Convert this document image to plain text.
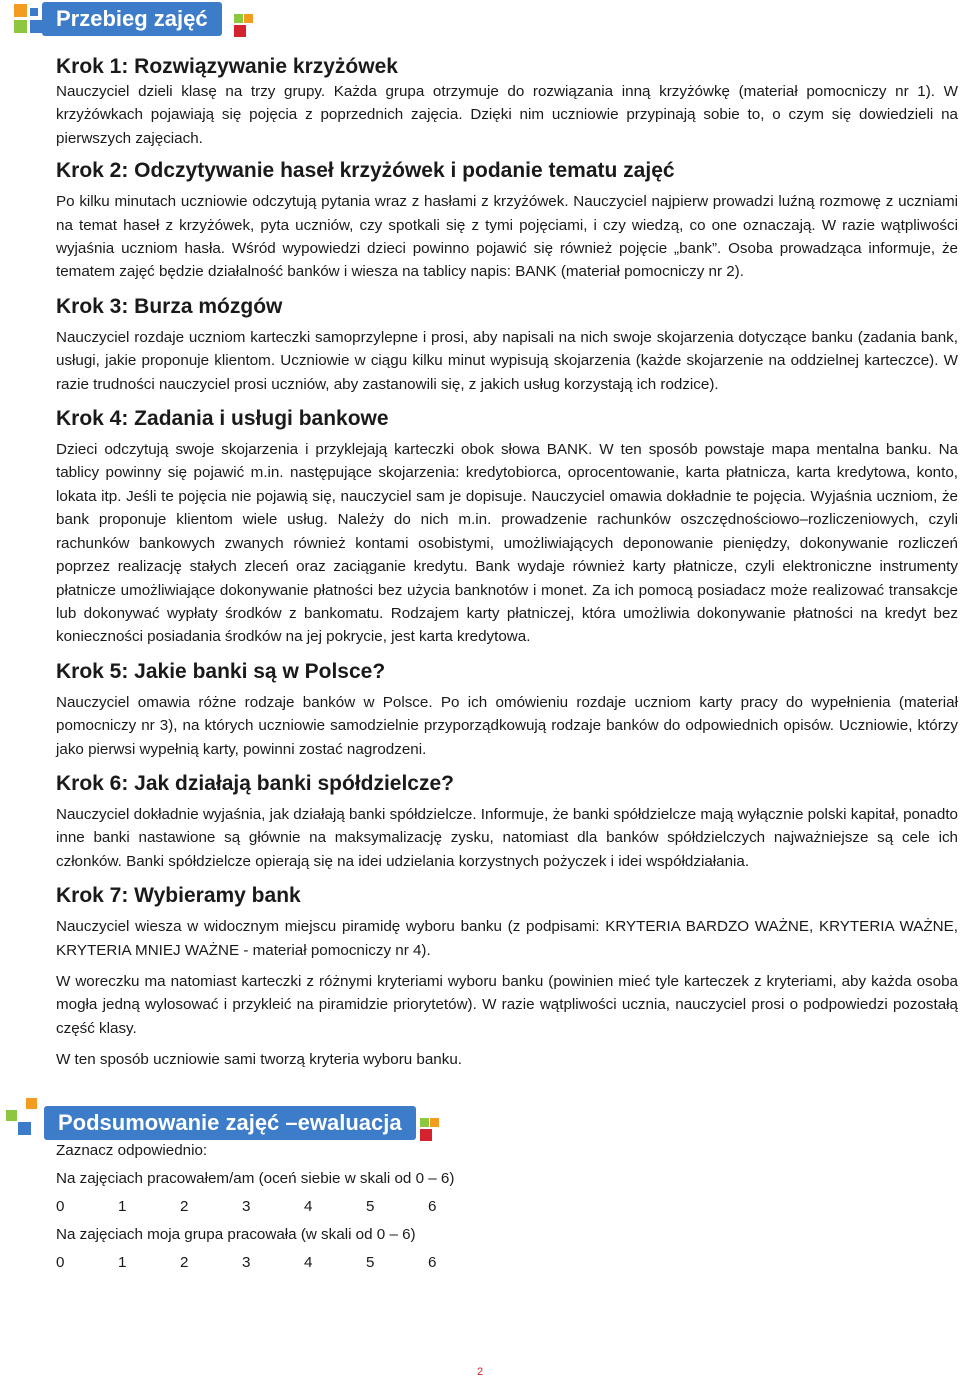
Przebieg zajęć
Krok 1: Rozwiązywanie krzyżówek

Nauczyciel dzieli klasę na trzy grupy. Każda grupa otrzymuje do rozwiązania inną krzyżówkę (materiał pomocniczy nr 1). W krzyżówkach pojawiają się pojęcia z poprzednich zajęcia. Dzięki nim uczniowie przypinają sobie to, o czym się dowiedzieli na pierwszych zajęciach.

Krok 2: Odczytywanie haseł krzyżówek i podanie tematu zajęć

Po kilku minutach uczniowie odczytują pytania wraz z hasłami z krzyżówek. Nauczyciel najpierw prowadzi luźną rozmowę z uczniami na temat haseł z krzyżówek, pyta uczniów, czy spotkali się z tymi pojęciami, i czy wiedzą, co one oznaczają. W razie wątpliwości wyjaśnia uczniom hasła. Wśród wypowiedzi dzieci powinno pojawić się również pojęcie „bank”. Osoba prowadząca informuje, że tematem zajęć będzie działalność banków i wiesza na tablicy napis: BANK (materiał pomocniczy nr 2).

Krok 3: Burza mózgów

Nauczyciel rozdaje uczniom karteczki samoprzylepne i prosi, aby napisali na nich swoje skojarzenia dotyczące banku (zadania bank, usługi, jakie proponuje klientom. Uczniowie w ciągu kilku minut wypisują skojarzenia (każde skojarzenie na oddzielnej karteczce). W razie trudności nauczyciel prosi uczniów, aby zastanowili się, z jakich usług korzystają ich rodzice).

Krok 4: Zadania i usługi bankowe

Dzieci odczytują swoje skojarzenia i przyklejają karteczki obok słowa BANK. W ten sposób powstaje mapa mentalna banku. Na tablicy powinny się pojawić m.in. następujące skojarzenia: kredytobiorca, oprocentowanie, karta płatnicza, karta kredytowa, konto, lokata itp. Jeśli te pojęcia nie pojawią się, nauczyciel sam je dopisuje. Nauczyciel omawia dokładnie te pojęcia. Wyjaśnia uczniom, że bank proponuje klientom wiele usług. Należy do nich m.in. prowadzenie rachunków oszczędnościowo–rozliczeniowych, czyli rachunków bankowych zwanych również kontami osobistymi, umożliwiających deponowanie pieniędzy, dokonywanie rozliczeń poprzez realizację stałych zleceń oraz zaciąganie kredytu. Bank wydaje również karty płatnicze, czyli elektroniczne instrumenty płatnicze umożliwiające dokonywanie płatności bez użycia banknotów i monet. Za ich pomocą posiadacz może realizować transakcje lub dokonywać wypłaty środków z bankomatu. Rodzajem karty płatniczej, która umożliwia dokonywanie płatności na kredyt bez konieczności posiadania środków na jej pokrycie, jest karta kredytowa.

Krok 5: Jakie banki są w Polsce?

Nauczyciel omawia różne rodzaje banków w Polsce. Po ich omówieniu rozdaje uczniom karty pracy do wypełnienia (materiał pomocniczy nr 3), na których uczniowie samodzielnie przyporządkowują rodzaje banków do odpowiednich opisów. Uczniowie, którzy jako pierwsi wypełnią karty, powinni zostać nagrodzeni.

Krok 6: Jak działają banki spółdzielcze?

Nauczyciel dokładnie wyjaśnia, jak działają banki spółdzielcze. Informuje, że banki spółdzielcze mają wyłącznie polski kapitał, ponadto inne banki nastawione są głównie na maksymalizację zysku, natomiast dla banków spółdzielczych najważniejsze są cele ich członków. Banki spółdzielcze opierają się na idei udzielania korzystnych pożyczek i idei współdziałania.

Krok 7: Wybieramy bank

Nauczyciel wiesza w widocznym miejscu piramidę wyboru banku (z podpisami: KRYTERIA BARDZO WAŻNE, KRYTERIA WAŻNE, KRYTERIA MNIEJ WAŻNE - materiał pomocniczy nr 4).

W woreczku ma natomiast karteczki z różnymi kryteriami wyboru banku (powinien mieć tyle karteczek z kryteriami, aby każda osoba mogła jedną wylosować i przykleić na piramidzie priorytetów). W razie wątpliwości ucznia, nauczyciel prosi o podpowiedzi pozostałą część klasy.

W ten sposób uczniowie sami tworzą kryteria wyboru banku.

Podsumowanie zajęć –ewaluacja

Zaznacz odpowiednio:

Na zajęciach pracowałem/am (oceń siebie w skali od 0 – 6)

0	1	2	3	4	5	6

Na zajęciach moja grupa pracowała (w skali od 0 – 6)

0	1	2	3	4	5	6
2
